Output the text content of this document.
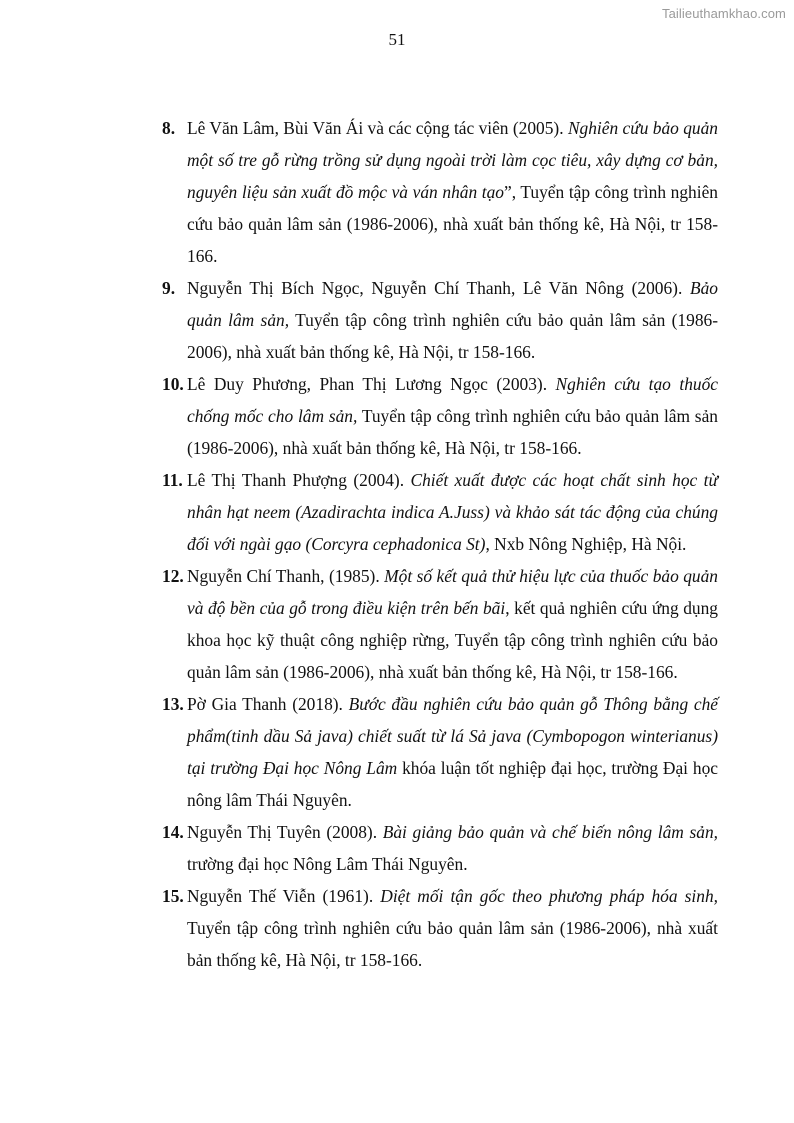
Tailieuthamkhao.com
51
8. Lê Văn Lâm, Bùi Văn Ái và các cộng tác viên (2005). Nghiên cứu bảo quản một số tre gỗ rừng trồng sử dụng ngoài trời làm cọc tiêu, xây dựng cơ bản, nguyên liệu sản xuất đồ mộc và ván nhân tạo”, Tuyển tập công trình nghiên cứu bảo quản lâm sản (1986-2006), nhà xuất bản thống kê, Hà Nội, tr 158-166.
9. Nguyễn Thị Bích Ngọc, Nguyễn Chí Thanh, Lê Văn Nông (2006). Bảo quản lâm sản, Tuyển tập công trình nghiên cứu bảo quản lâm sản (1986-2006), nhà xuất bản thống kê, Hà Nội, tr 158-166.
10. Lê Duy Phương, Phan Thị Lương Ngọc (2003). Nghiên cứu tạo thuốc chống mốc cho lâm sản, Tuyển tập công trình nghiên cứu bảo quản lâm sản (1986-2006), nhà xuất bản thống kê, Hà Nội, tr 158-166.
11. Lê Thị Thanh Phượng (2004). Chiết xuất được các hoạt chất sinh học từ nhân hạt neem (Azadirachta indica A.Juss) và khảo sát tác động của chúng đối với ngài gạo (Corcyra cephadonica St), Nxb Nông Nghiệp, Hà Nội.
12. Nguyễn Chí Thanh, (1985). Một số kết quả thử hiệu lực của thuốc bảo quản và độ bền của gỗ trong điều kiện trên bến bãi, kết quả nghiên cứu ứng dụng khoa học kỹ thuật công nghiệp rừng, Tuyển tập công trình nghiên cứu bảo quản lâm sản (1986-2006), nhà xuất bản thống kê, Hà Nội, tr 158-166.
13. Pờ Gia Thanh (2018). Bước đầu nghiên cứu bảo quản gỗ Thông bằng chế phẩm(tinh dầu Sả java) chiết suất từ lá Sả java (Cymbopogon winterianus) tại trường Đại học Nông Lâm khóa luận tốt nghiệp đại học, trường Đại học nông lâm Thái Nguyên.
14. Nguyễn Thị Tuyên (2008). Bài giảng bảo quản và chế biến nông lâm sản, trường đại học Nông Lâm Thái Nguyên.
15. Nguyễn Thế Viễn (1961). Diệt mối tận gốc theo phương pháp hóa sinh, Tuyển tập công trình nghiên cứu bảo quản lâm sản (1986-2006), nhà xuất bản thống kê, Hà Nội, tr 158-166.
